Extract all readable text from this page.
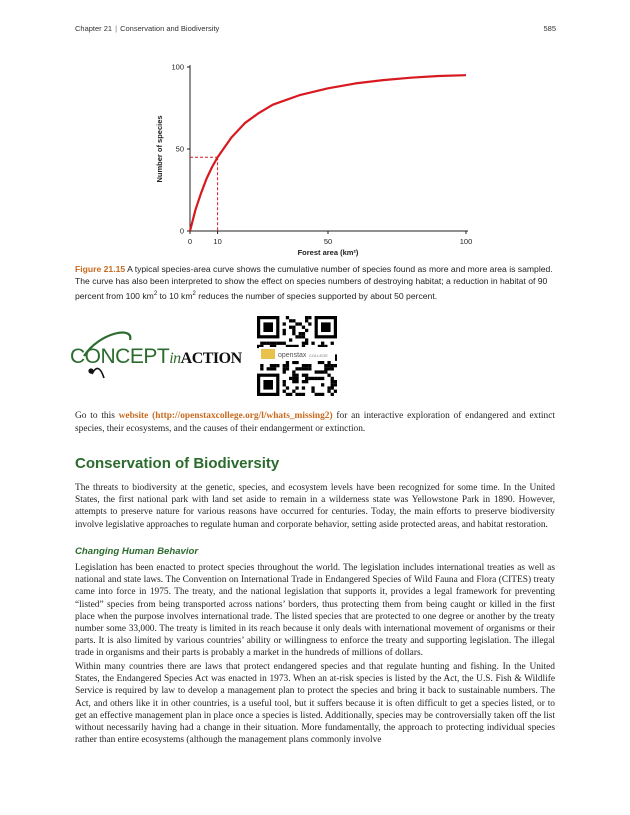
Chapter 21 | Conservation and Biodiversity	585
0
50
100
0	10	50	100
Number of species
Forest area (km²)
Figure 21.15 A typical species-area curve shows the cumulative number of species found as more and more area is sampled. The curve has also been interpreted to show the effect on species numbers of destroying habitat; a reduction in habitat of 90 percent from 100 $km^2$ to 10 $km^2$ reduces the number of species supported by about 50 percent.
CONCEPTinACTION	openstax COLLEGE
Go to this website (http://openstaxcollege.org/l/whats_missing2) for an interactive exploration of endangered and extinct species, their ecosystems, and the causes of their endangerment or extinction.
Conservation of Biodiversity

The threats to biodiversity at the genetic, species, and ecosystem levels have been recognized for some time. In the United States, the first national park with land set aside to remain in a wilderness state was Yellowstone Park in 1890. However, attempts to preserve nature for various reasons have occurred for centuries. Today, the main efforts to preserve biodiversity involve legislative approaches to regulate human and corporate behavior, setting aside protected areas, and habitat restoration.

Changing Human Behavior

Legislation has been enacted to protect species throughout the world. The legislation includes international treaties as well as national and state laws. The Convention on International Trade in Endangered Species of Wild Fauna and Flora (CITES) treaty came into force in 1975. The treaty, and the national legislation that supports it, provides a legal framework for preventing “listed” species from being transported across nations’ borders, thus protecting them from being caught or killed in the first place when the purpose involves international trade. The listed species that are protected to one degree or another by the treaty number some 33,000. The treaty is limited in its reach because it only deals with international movement of organisms or their parts. It is also limited by various countries’ ability or willingness to enforce the treaty and supporting legislation. The illegal trade in organisms and their parts is probably a market in the hundreds of millions of dollars.

Within many countries there are laws that protect endangered species and that regulate hunting and fishing. In the United States, the Endangered Species Act was enacted in 1973. When an at-risk species is listed by the Act, the U.S. Fish & Wildlife Service is required by law to develop a management plan to protect the species and bring it back to sustainable numbers. The Act, and others like it in other countries, is a useful tool, but it suffers because it is often difficult to get a species listed, or to get an effective management plan in place once a species is listed. Additionally, species may be controversially taken off the list without necessarily having had a change in their situation. More fundamentally, the approach to protecting individual species rather than entire ecosystems (although the management plans commonly involve
